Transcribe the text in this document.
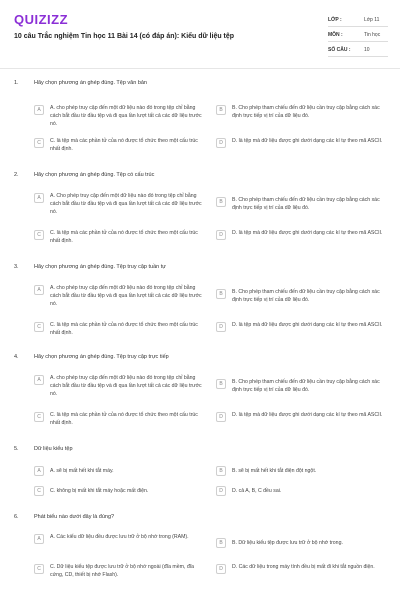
QUIZIZZ
10 câu Trắc nghiệm Tin học 11 Bài 14 (có đáp án): Kiểu dữ liệu tệp
LỚP :	Lớp 11
MÔN :	Tin học
SỐ CÂU :	10
1.	Hãy chọn phương án ghép đúng. Tệp văn bản
A	A. cho phép truy cập đến một dữ liệu nào đó trong tệp chỉ bằng cách bắt đầu từ đầu tệp và đi qua lần lượt tất cả các dữ liệu trước nó.
B	B. Cho phép tham chiếu đến dữ liệu cần truy cập bằng cách xác định trực tiếp vị trí của dữ liệu đó.
C	C. là tệp mà các phần tử của nó được tổ chức theo một cấu trúc nhất định.
D	D. là tệp mà dữ liệu được ghi dưới dạng các kí tự theo mã ASCII.
2.	Hãy chọn phương án ghép đúng. Tệp có cấu trúc
A	A. Cho phép truy cập đến một dữ liệu nào đó trong tệp chỉ bằng cách bắt đầu từ đầu tệp và đi qua lần lượt tất cả các dữ liệu trước nó.
B	B. Cho phép tham chiếu đến dữ liệu cần truy cập bằng cách xác định trực tiếp vị trí của dữ liệu đó.
C	C. là tệp mà các phần tử của nó được tổ chức theo một cấu trúc nhất định.
D	D. là tệp mà dữ liệu được ghi dưới dạng các kí tự theo mã ASCII.
3.	Hãy chọn phương án ghép đúng. Tệp truy cập tuần tự
A	A. cho phép truy cập đến một dữ liệu nào đó trong tệp chỉ bằng cách bắt đầu từ đầu tệp và đi qua lần lượt tất cả các dữ liệu trước nó.
B	B. Cho phép tham chiếu đến dữ liệu cần truy cập bằng cách xác định trực tiếp vị trí của dữ liệu đó.
C	C. là tệp mà các phần tử của nó được tổ chức theo một cấu trúc nhất định.
D	D. là tệp mà dữ liệu được ghi dưới dạng các kí tự theo mã ASCII.
4.	Hãy chọn phương án ghép đúng. Tệp truy cập trực tiếp
A	A. cho phép truy cập đến một dữ liệu nào đó trong tệp chỉ bằng cách bắt đầu từ đầu tệp và đi qua lần lượt tất cả các dữ liệu trước nó.
B	B. Cho phép tham chiếu đến dữ liệu cần truy cập bằng cách xác định trực tiếp vị trí của dữ liệu đó.
C	C. là tệp mà các phần tử của nó được tổ chức theo một cấu trúc nhất định.
D	D. là tệp mà dữ liệu được ghi dưới dạng các kí tự theo mã ASCII.
5.	Dữ liệu kiểu tệp
A	A. sẽ bị mất hết khi tắt máy.	B	B. sẽ bị mất hết khi tắt điện đột ngột.
C	C. không bị mất khi tắt máy hoặc mất điện.	D	D. cả A, B, C đều sai.
6.	Phát biểu nào dưới đây là đúng?
A	A. Các kiểu dữ liệu đều được lưu trữ ở bộ nhớ trong (RAM).
B	B. Dữ liệu kiểu tệp được lưu trữ ở bộ nhớ trong.
C	C. Dữ liệu kiểu tệp được lưu trữ ở bộ nhớ ngoài (đĩa mềm, đĩa cứng, CD, thiết bị nhớ Flash).
D	D. Các dữ liệu trong máy tính đều bị mất đi khi tắt nguồn điện.
